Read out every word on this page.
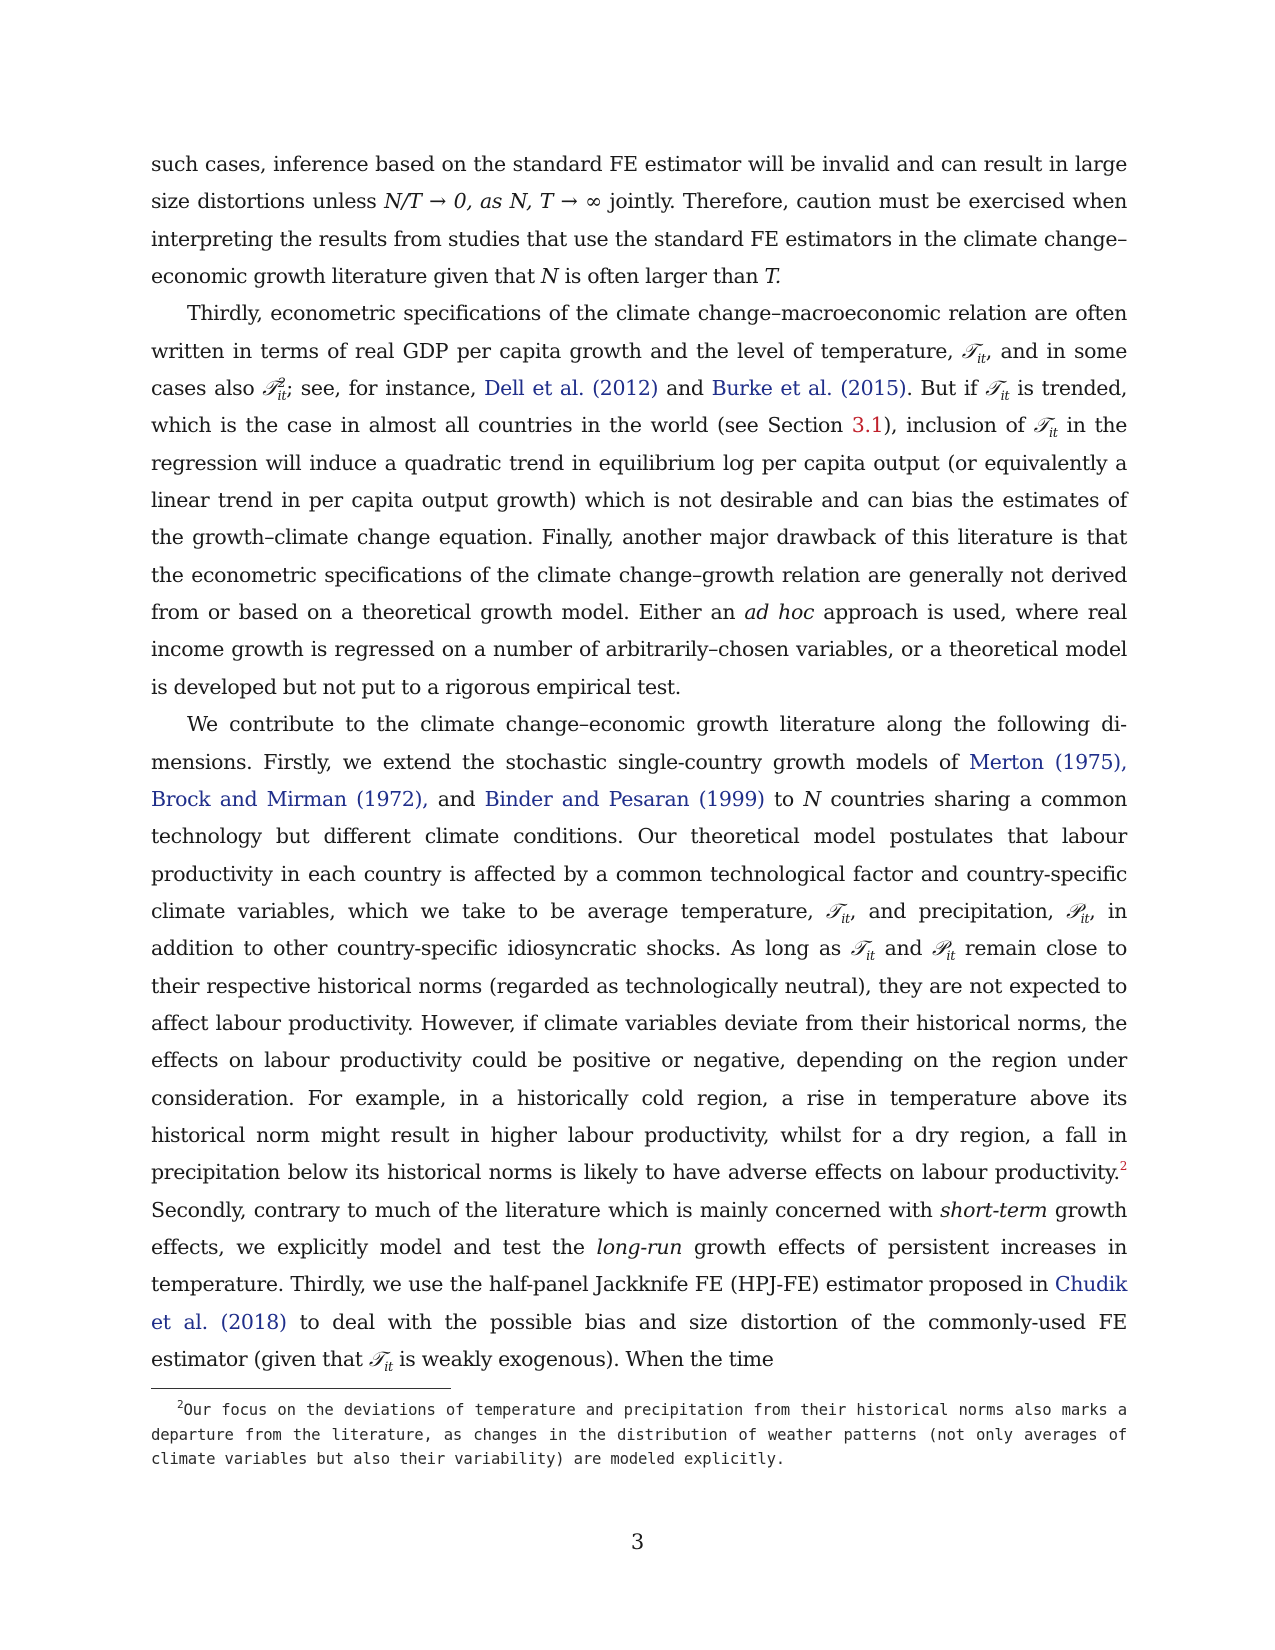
such cases, inference based on the standard FE estimator will be invalid and can result in large size distortions unless N/T → 0, as N, T → ∞ jointly. Therefore, caution must be exercised when interpreting the results from studies that use the standard FE estimators in the climate change–economic growth literature given that N is often larger than T.

Thirdly, econometric specifications of the climate change–macroeconomic relation are often written in terms of real GDP per capita growth and the level of temperature, 𝒯$_{it}$, and in some cases also 𝒯$^2_{it}$; see, for instance, Dell et al. (2012) and Burke et al. (2015). But if 𝒯$_{it}$ is trended, which is the case in almost all countries in the world (see Section 3.1), inclusion of 𝒯$_{it}$ in the regression will induce a quadratic trend in equilibrium log per capita output (or equivalently a linear trend in per capita output growth) which is not desirable and can bias the estimates of the growth–climate change equation. Finally, another major drawback of this literature is that the econometric specifications of the climate change–growth relation are generally not derived from or based on a theoretical growth model. Either an ad hoc approach is used, where real income growth is regressed on a number of arbitrarily–chosen variables, or a theoretical model is developed but not put to a rigorous empirical test.

We contribute to the climate change–economic growth literature along the following dimensions. Firstly, we extend the stochastic single-country growth models of Merton (1975), Brock and Mirman (1972), and Binder and Pesaran (1999) to N countries sharing a common technology but different climate conditions. Our theoretical model postulates that labour productivity in each country is affected by a common technological factor and country-specific climate variables, which we take to be average temperature, 𝒯$_{it}$, and precipitation, 𝒫$_{it}$, in addition to other country-specific idiosyncratic shocks. As long as 𝒯$_{it}$ and 𝒫$_{it}$ remain close to their respective historical norms (regarded as technologically neutral), they are not expected to affect labour productivity. However, if climate variables deviate from their historical norms, the effects on labour productivity could be positive or negative, depending on the region under consideration. For example, in a historically cold region, a rise in temperature above its historical norm might result in higher labour productivity, whilst for a dry region, a fall in precipitation below its historical norms is likely to have adverse effects on labour productivity.$^2$ Secondly, contrary to much of the literature which is mainly concerned with short-term growth effects, we explicitly model and test the long-run growth effects of persistent increases in temperature. Thirdly, we use the half-panel Jackknife FE (HPJ-FE) estimator proposed in Chudik et al. (2018) to deal with the possible bias and size distortion of the commonly-used FE estimator (given that 𝒯$_{it}$ is weakly exogenous). When the time

$^2$Our focus on the deviations of temperature and precipitation from their historical norms also marks a departure from the literature, as changes in the distribution of weather patterns (not only averages of climate variables but also their variability) are modeled explicitly.
3
